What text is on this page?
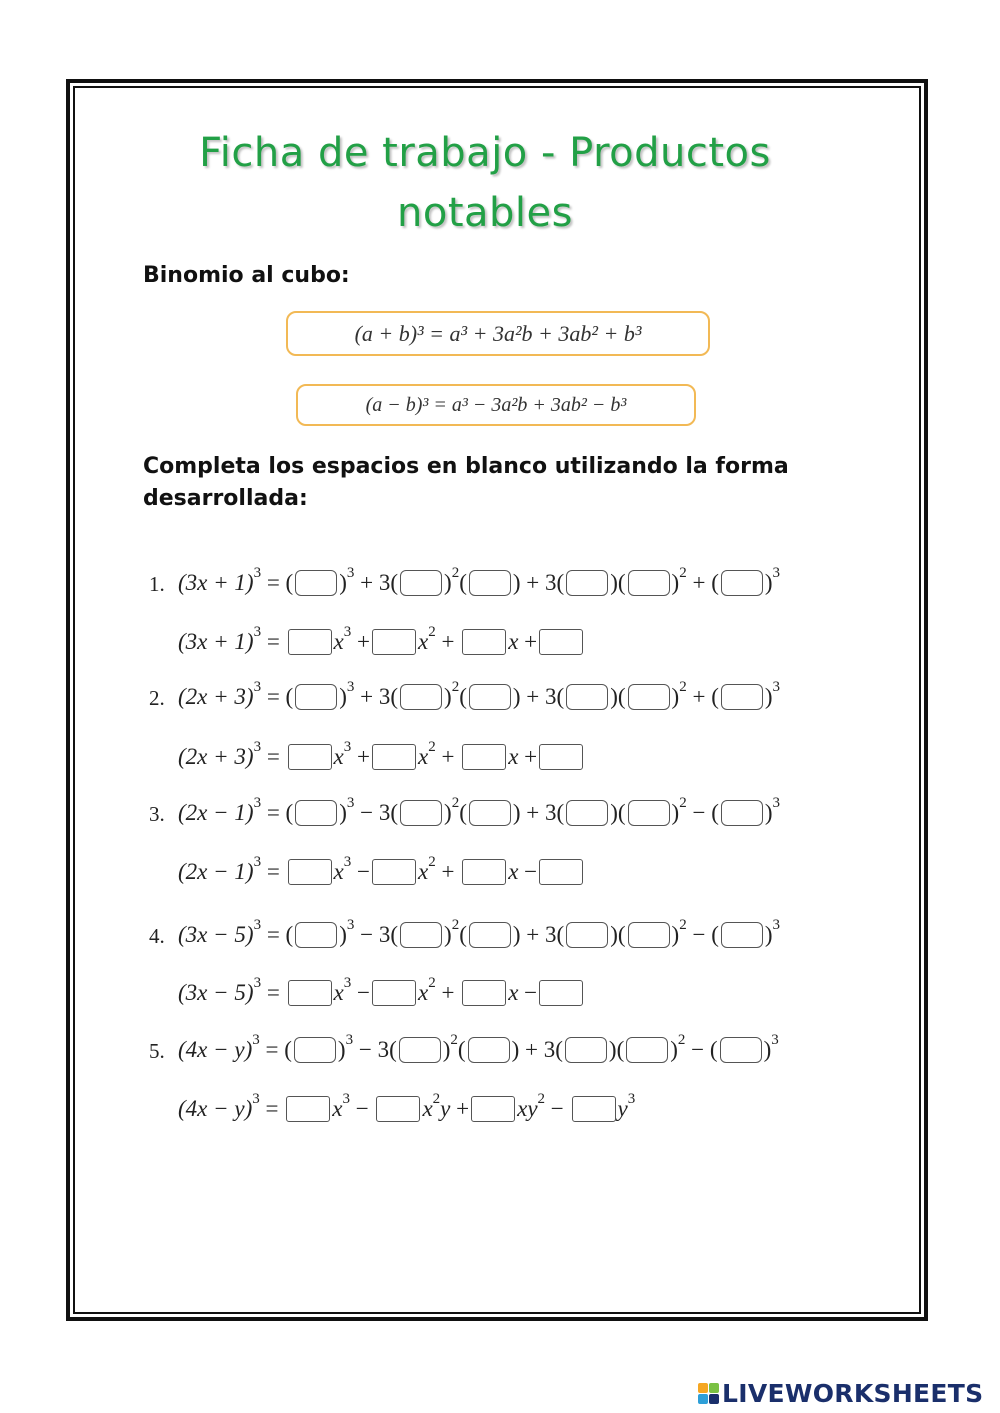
Ficha de trabajo - Productos
notables
Binomio al cubo:
(a + b)³ = a³ + 3a²b + 3ab² + b³
(a − b)³ = a³ − 3a²b + 3ab² − b³
Completa los espacios en blanco utilizando la forma desarrollada:
1. $(3x + 1)^3$ = ( )$^3$
+ 3( )$^2$ ( ) + 3( )( )$^2$
+ ( )$^3$
$(3x + 1)^3 = x^3$
+ $x^2$
+
x
+
2. $(2x + 3)^3$ = ( )$^3$
+ 3( )$^2$ ( ) + 3( )( )$^2$
+ ( )$^3$
$(2x + 3)^3 = x^3$
+ $x^2$
+
x
+
3. $(2x - 1)^3$ = ( )$^3$
− 3( )$^2$ ( ) + 3( )( )$^2$
− ( )$^3$
$(2x - 1)^3 = x^3$
− $x^2$
+
x
−
4. $(3x - 5)^3$ = ( )$^3$
− 3( )$^2$ ( ) + 3( )( )$^2$
− ( )$^3$
$(3x - 5)^3 = x^3$
− $x^2$
+
x
−
5. $(4x - y)^3$ = ( )$^3$
− 3( )$^2$ ( ) + 3( )( )$^2$
− ( )$^3$
$(4x - y)^3 = x^3$
−
$x^2$ y
+ $xy^2$
−
$y^3$
LIVEWORKSHEETS
